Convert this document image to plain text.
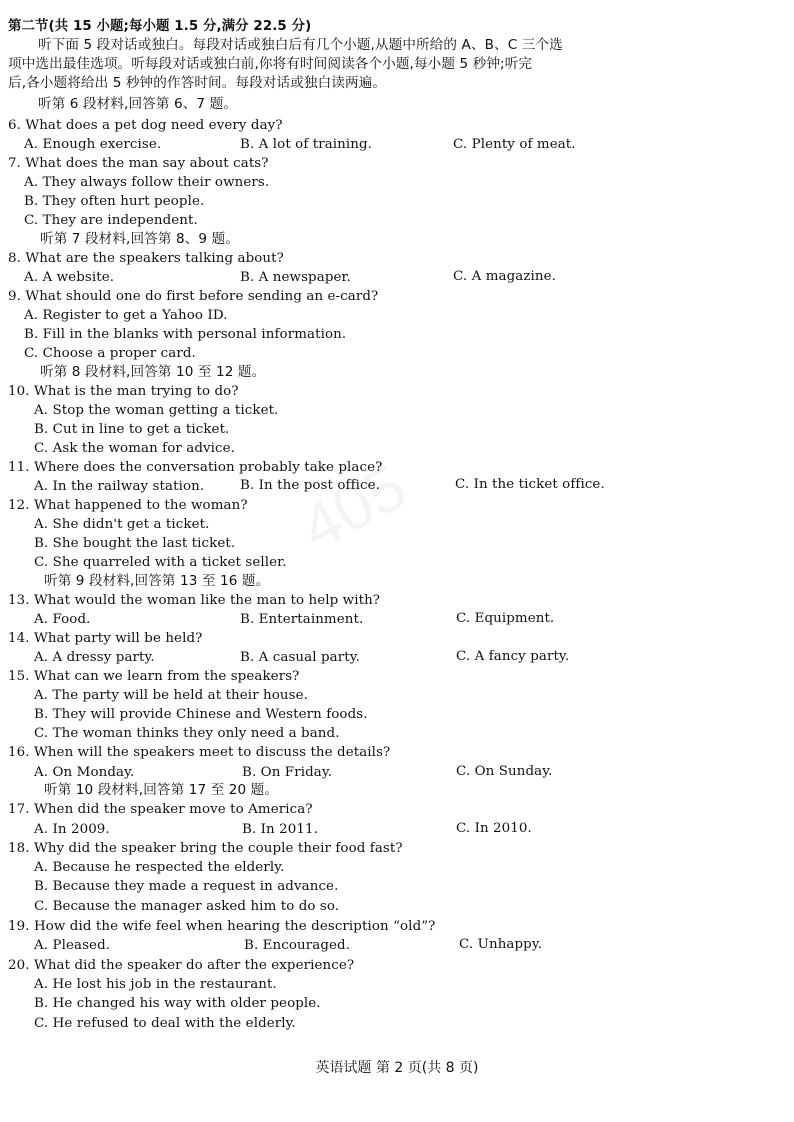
第二节(共 15 小题;每小题 1.5 分,满分 22.5 分)
听下面 5 段对话或独白。每段对话或独白后有几个小题,从题中所给的 A、B、C 三个选
项中选出最佳选项。听每段对话或独白前,你将有时间阅读各个小题,每小题 5 秒钟;听完
后,各小题将给出 5 秒钟的作答时间。每段对话或独白读两遍。
听第 6 段材料,回答第 6、7 题。
6. What does a pet dog need every day?
A. Enough exercise.	B. A lot of training.	C. Plenty of meat.
7. What does the man say about cats?
A. They always follow their owners.
B. They often hurt people.
C. They are independent.
听第 7 段材料,回答第 8、9 题。
8. What are the speakers talking about?
A. A website.	B. A newspaper.	C. A magazine.
9. What should one do first before sending an e-card?
A. Register to get a Yahoo ID.
B. Fill in the blanks with personal information.
C. Choose a proper card.
听第 8 段材料,回答第 10 至 12 题。
10. What is the man trying to do?
A. Stop the woman getting a ticket.
B. Cut in line to get a ticket.
C. Ask the woman for advice.
11. Where does the conversation probably take place?
A. In the railway station.	B. In the post office.	C. In the ticket office.
12. What happened to the woman?
A. She didn't get a ticket.
B. She bought the last ticket.
C. She quarreled with a ticket seller.
听第 9 段材料,回答第 13 至 16 题。
13. What would the woman like the man to help with?
A. Food.	B. Entertainment.	C. Equipment.
14. What party will be held?
A. A dressy party.	B. A casual party.	C. A fancy party.
15. What can we learn from the speakers?
A. The party will be held at their house.
B. They will provide Chinese and Western foods.
C. The woman thinks they only need a band.
16. When will the speakers meet to discuss the details?
A. On Monday.	B. On Friday.	C. On Sunday.
听第 10 段材料,回答第 17 至 20 题。
17. When did the speaker move to America?
A. In 2009.	B. In 2011.	C. In 2010.
18. Why did the speaker bring the couple their food fast?
A. Because he respected the elderly.
B. Because they made a request in advance.
C. Because the manager asked him to do so.
19. How did the wife feel when hearing the description “old”?
A. Pleased.	B. Encouraged.	C. Unhappy.
20. What did the speaker do after the experience?
A. He lost his job in the restaurant.
B. He changed his way with older people.
C. He refused to deal with the elderly.
英语试题 第 2 页(共 8 页)
